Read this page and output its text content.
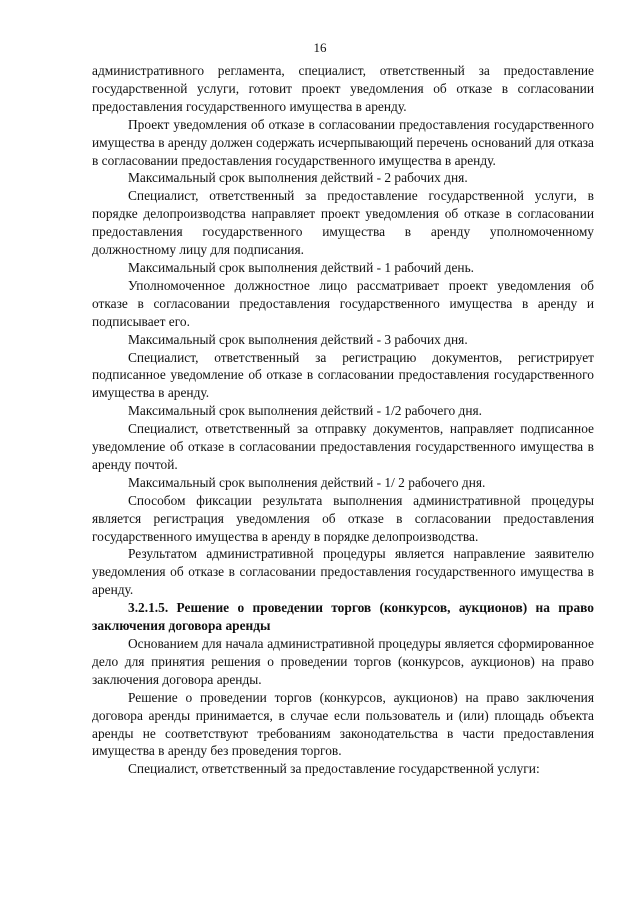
16

административного регламента, специалист, ответственный за предоставление государственной услуги, готовит проект уведомления об отказе в согласовании предоставления государственного имущества в аренду.

Проект уведомления об отказе в согласовании предоставления государственного имущества в аренду должен содержать исчерпывающий перечень оснований для отказа в согласовании предоставления государственного имущества в аренду.

Максимальный срок выполнения действий - 2 рабочих дня.

Специалист, ответственный за предоставление государственной услуги, в порядке делопроизводства направляет проект уведомления об отказе в согласовании предоставления государственного имущества в аренду уполномоченному должностному лицу для подписания.

Максимальный срок выполнения действий - 1 рабочий день.

Уполномоченное должностное лицо рассматривает проект уведомления об отказе в согласовании предоставления государственного имущества в аренду и подписывает его.

Максимальный срок выполнения действий - 3 рабочих дня.

Специалист, ответственный за регистрацию документов, регистрирует подписанное уведомление об отказе в согласовании предоставления государственного имущества в аренду.

Максимальный срок выполнения действий - 1/2 рабочего дня.

Специалист, ответственный за отправку документов, направляет подписанное уведомление об отказе в согласовании предоставления государственного имущества в аренду почтой.

Максимальный срок выполнения действий - 1/ 2 рабочего дня.

Способом фиксации результата выполнения административной процедуры является регистрация уведомления об отказе в согласовании предоставления государственного имущества в аренду в порядке делопроизводства.

Результатом административной процедуры является направление заявителю уведомления об отказе в согласовании предоставления государственного имущества в аренду.

3.2.1.5. Решение о проведении торгов (конкурсов, аукционов) на право заключения договора аренды

Основанием для начала административной процедуры является сформированное дело для принятия решения о проведении торгов (конкурсов, аукционов) на право заключения договора аренды.

Решение о проведении торгов (конкурсов, аукционов) на право заключения договора аренды принимается, в случае если пользователь и (или) площадь объекта аренды не соответствуют требованиям законодательства в части предоставления имущества в аренду без проведения торгов.

Специалист, ответственный за предоставление государственной услуги:
